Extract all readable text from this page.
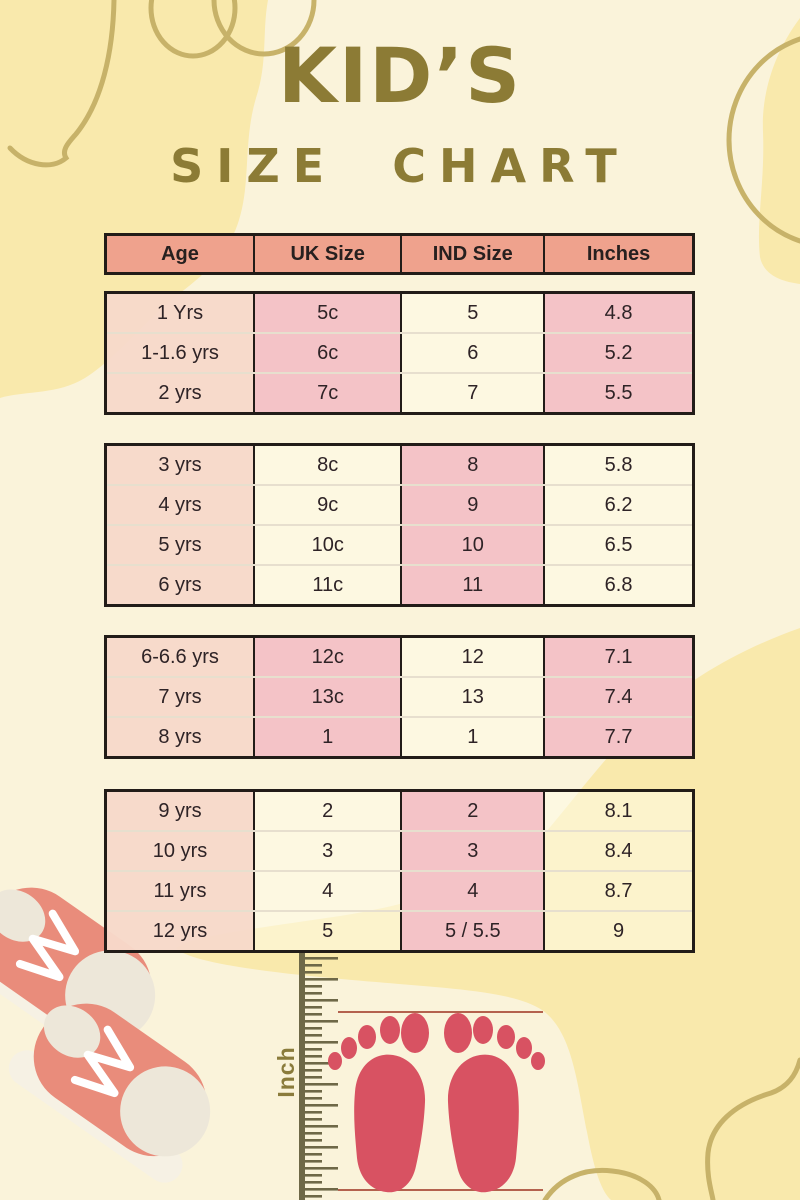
KID’S
SIZE CHART
Age	UK Size	IND Size	Inches
1 Yrs	5c	5	4.8
1-1.6 yrs	6c	6	5.2
2 yrs	7c	7	5.5
3 yrs	8c	8	5.8
4 yrs	9c	9	6.2
5 yrs	10c	10	6.5
6 yrs	11c	11	6.8
6-6.6 yrs	12c	12	7.1
7 yrs	13c	13	7.4
8 yrs	1	1	7.7
9 yrs	2	2	8.1
10 yrs	3	3	8.4
11 yrs	4	4	8.7
12 yrs	5	5 / 5.5	9
Inch
